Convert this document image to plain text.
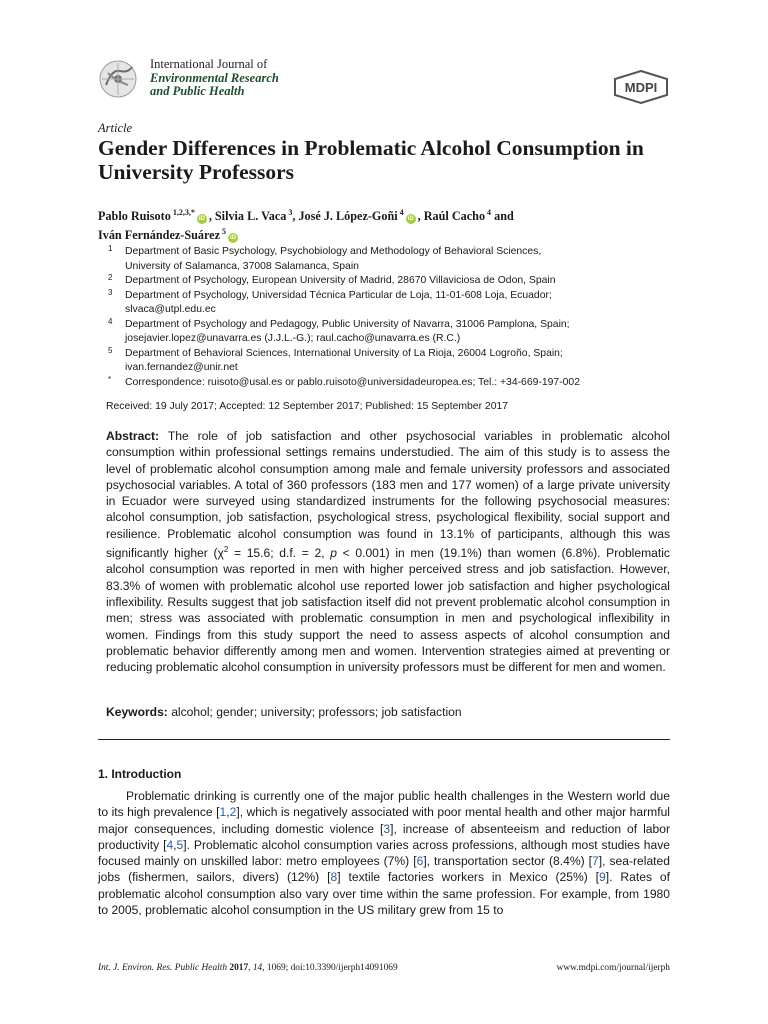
International Journal of
Environmental Research
and Public Health	MDPI
Article
Gender Differences in Problematic Alcohol Consumption in University Professors
Pablo Ruisoto $^{1,2,3,*}$iD , Silvia L. Vaca $^3$, José J. López-Goñi $^4$iD , Raúl Cacho $^4$ and
Iván Fernández-Suárez $^5$iD
1 Department of Basic Psychology, Psychobiology and Methodology of Behavioral Sciences,
University of Salamanca, 37008 Salamanca, Spain
2 Department of Psychology, European University of Madrid, 28670 Villaviciosa de Odon, Spain
3 Department of Psychology, Universidad Técnica Particular de Loja, 11-01-608 Loja, Ecuador;
slvaca@utpl.edu.ec
4 Department of Psychology and Pedagogy, Public University of Navarra, 31006 Pamplona, Spain;
josejavier.lopez@unavarra.es (J.J.L.-G.); raul.cacho@unavarra.es (R.C.)
5 Department of Behavioral Sciences, International University of La Rioja, 26004 Logroño, Spain;
ivan.fernandez@unir.net
* Correspondence: ruisoto@usal.es or pablo.ruisoto@universidadeuropea.es; Tel.: +34-669-197-002
Received: 19 July 2017; Accepted: 12 September 2017; Published: 15 September 2017
Abstract: The role of job satisfaction and other psychosocial variables in problematic alcohol consumption within professional settings remains understudied. The aim of this study is to assess the level of problematic alcohol consumption among male and female university professors and associated psychosocial variables. A total of 360 professors (183 men and 177 women) of a large private university in Ecuador were surveyed using standardized instruments for the following psychosocial measures: alcohol consumption, job satisfaction, psychological stress, psychological flexibility, social support and resilience. Problematic alcohol consumption was found in 13.1% of participants, although this was significantly higher ($\chi^2 = 15.6$; d.f. = 2, p < 0.001) in men (19.1%) than women (6.8%). Problematic alcohol consumption was reported in men with higher perceived stress and job satisfaction. However, 83.3% of women with problematic alcohol use reported lower job satisfaction and higher psychological inflexibility. Results suggest that job satisfaction itself did not prevent problematic alcohol consumption in men; stress was associated with problematic consumption in men and psychological inflexibility in women. Findings from this study support the need to assess aspects of alcohol consumption and problematic behavior differently among men and women. Intervention strategies aimed at preventing or reducing problematic alcohol consumption in university professors must be different for men and women.
Keywords: alcohol; gender; university; professors; job satisfaction
1. Introduction
Problematic drinking is currently one of the major public health challenges in the Western world due to its high prevalence [1,2], which is negatively associated with poor mental health and other major harmful major consequences, including domestic violence [3], increase of absenteeism and reduction of labor productivity [4,5]. Problematic alcohol consumption varies across professions, although most studies have focused mainly on unskilled labor: metro employees (7%) [6], transportation sector (8.4%) [7], sea-related jobs (fishermen, sailors, divers) (12%) [8] textile factories workers in Mexico (25%) [9]. Rates of problematic alcohol consumption also vary over time within the same profession. For example, from 1980 to 2005, problematic alcohol consumption in the US military grew from 15 to
Int. J. Environ. Res. Public Health 2017, 14, 1069; doi:10.3390/ijerph14091069	www.mdpi.com/journal/ijerph
